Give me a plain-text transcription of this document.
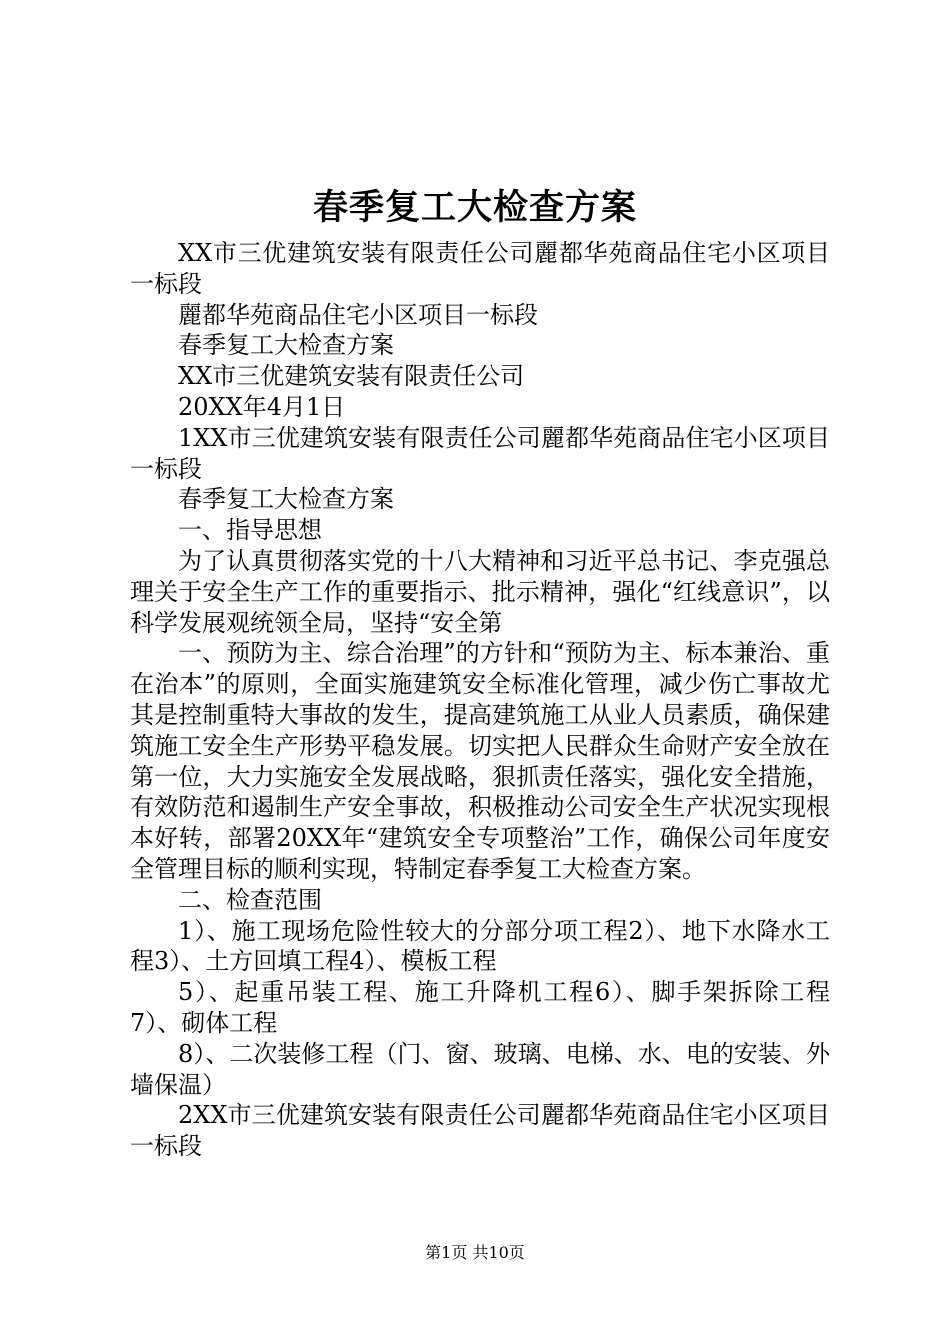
春季复工大检查方案

XX市三优建筑安装有限责任公司麗都华苑商品住宅小区项目一标段

麗都华苑商品住宅小区项目一标段

春季复工大检查方案

XX市三优建筑安装有限责任公司

20XX年4月1日

1XX市三优建筑安装有限责任公司麗都华苑商品住宅小区项目一标段

春季复工大检查方案

一、指导思想

为了认真贯彻落实党的十八大精神和习近平总书记、李克强总理关于安全生产工作的重要指示、批示精神，强化“红线意识”，以科学发展观统领全局，坚持“安全第

一、预防为主、综合治理”的方针和“预防为主、标本兼治、重在治本”的原则，全面实施建筑安全标准化管理，减少伤亡事故尤其是控制重特大事故的发生，提高建筑施工从业人员素质，确保建筑施工安全生产形势平稳发展。切实把人民群众生命财产安全放在第一位，大力实施安全发展战略，狠抓责任落实，强化安全措施，有效防范和遏制生产安全事故，积极推动公司安全生产状况实现根本好转，部署20XX年“建筑安全专项整治”工作，确保公司年度安全管理目标的顺利实现，特制定春季复工大检查方案。

二、检查范围

1）、施工现场危险性较大的分部分项工程2）、地下水降水工程3）、土方回填工程4）、模板工程

5）、起重吊装工程、施工升降机工程6）、脚手架拆除工程7）、砌体工程

8）、二次装修工程（门、窗、玻璃、电梯、水、电的安装、外墙保温）

2XX市三优建筑安装有限责任公司麗都华苑商品住宅小区项目一标段

第1页 共10页
